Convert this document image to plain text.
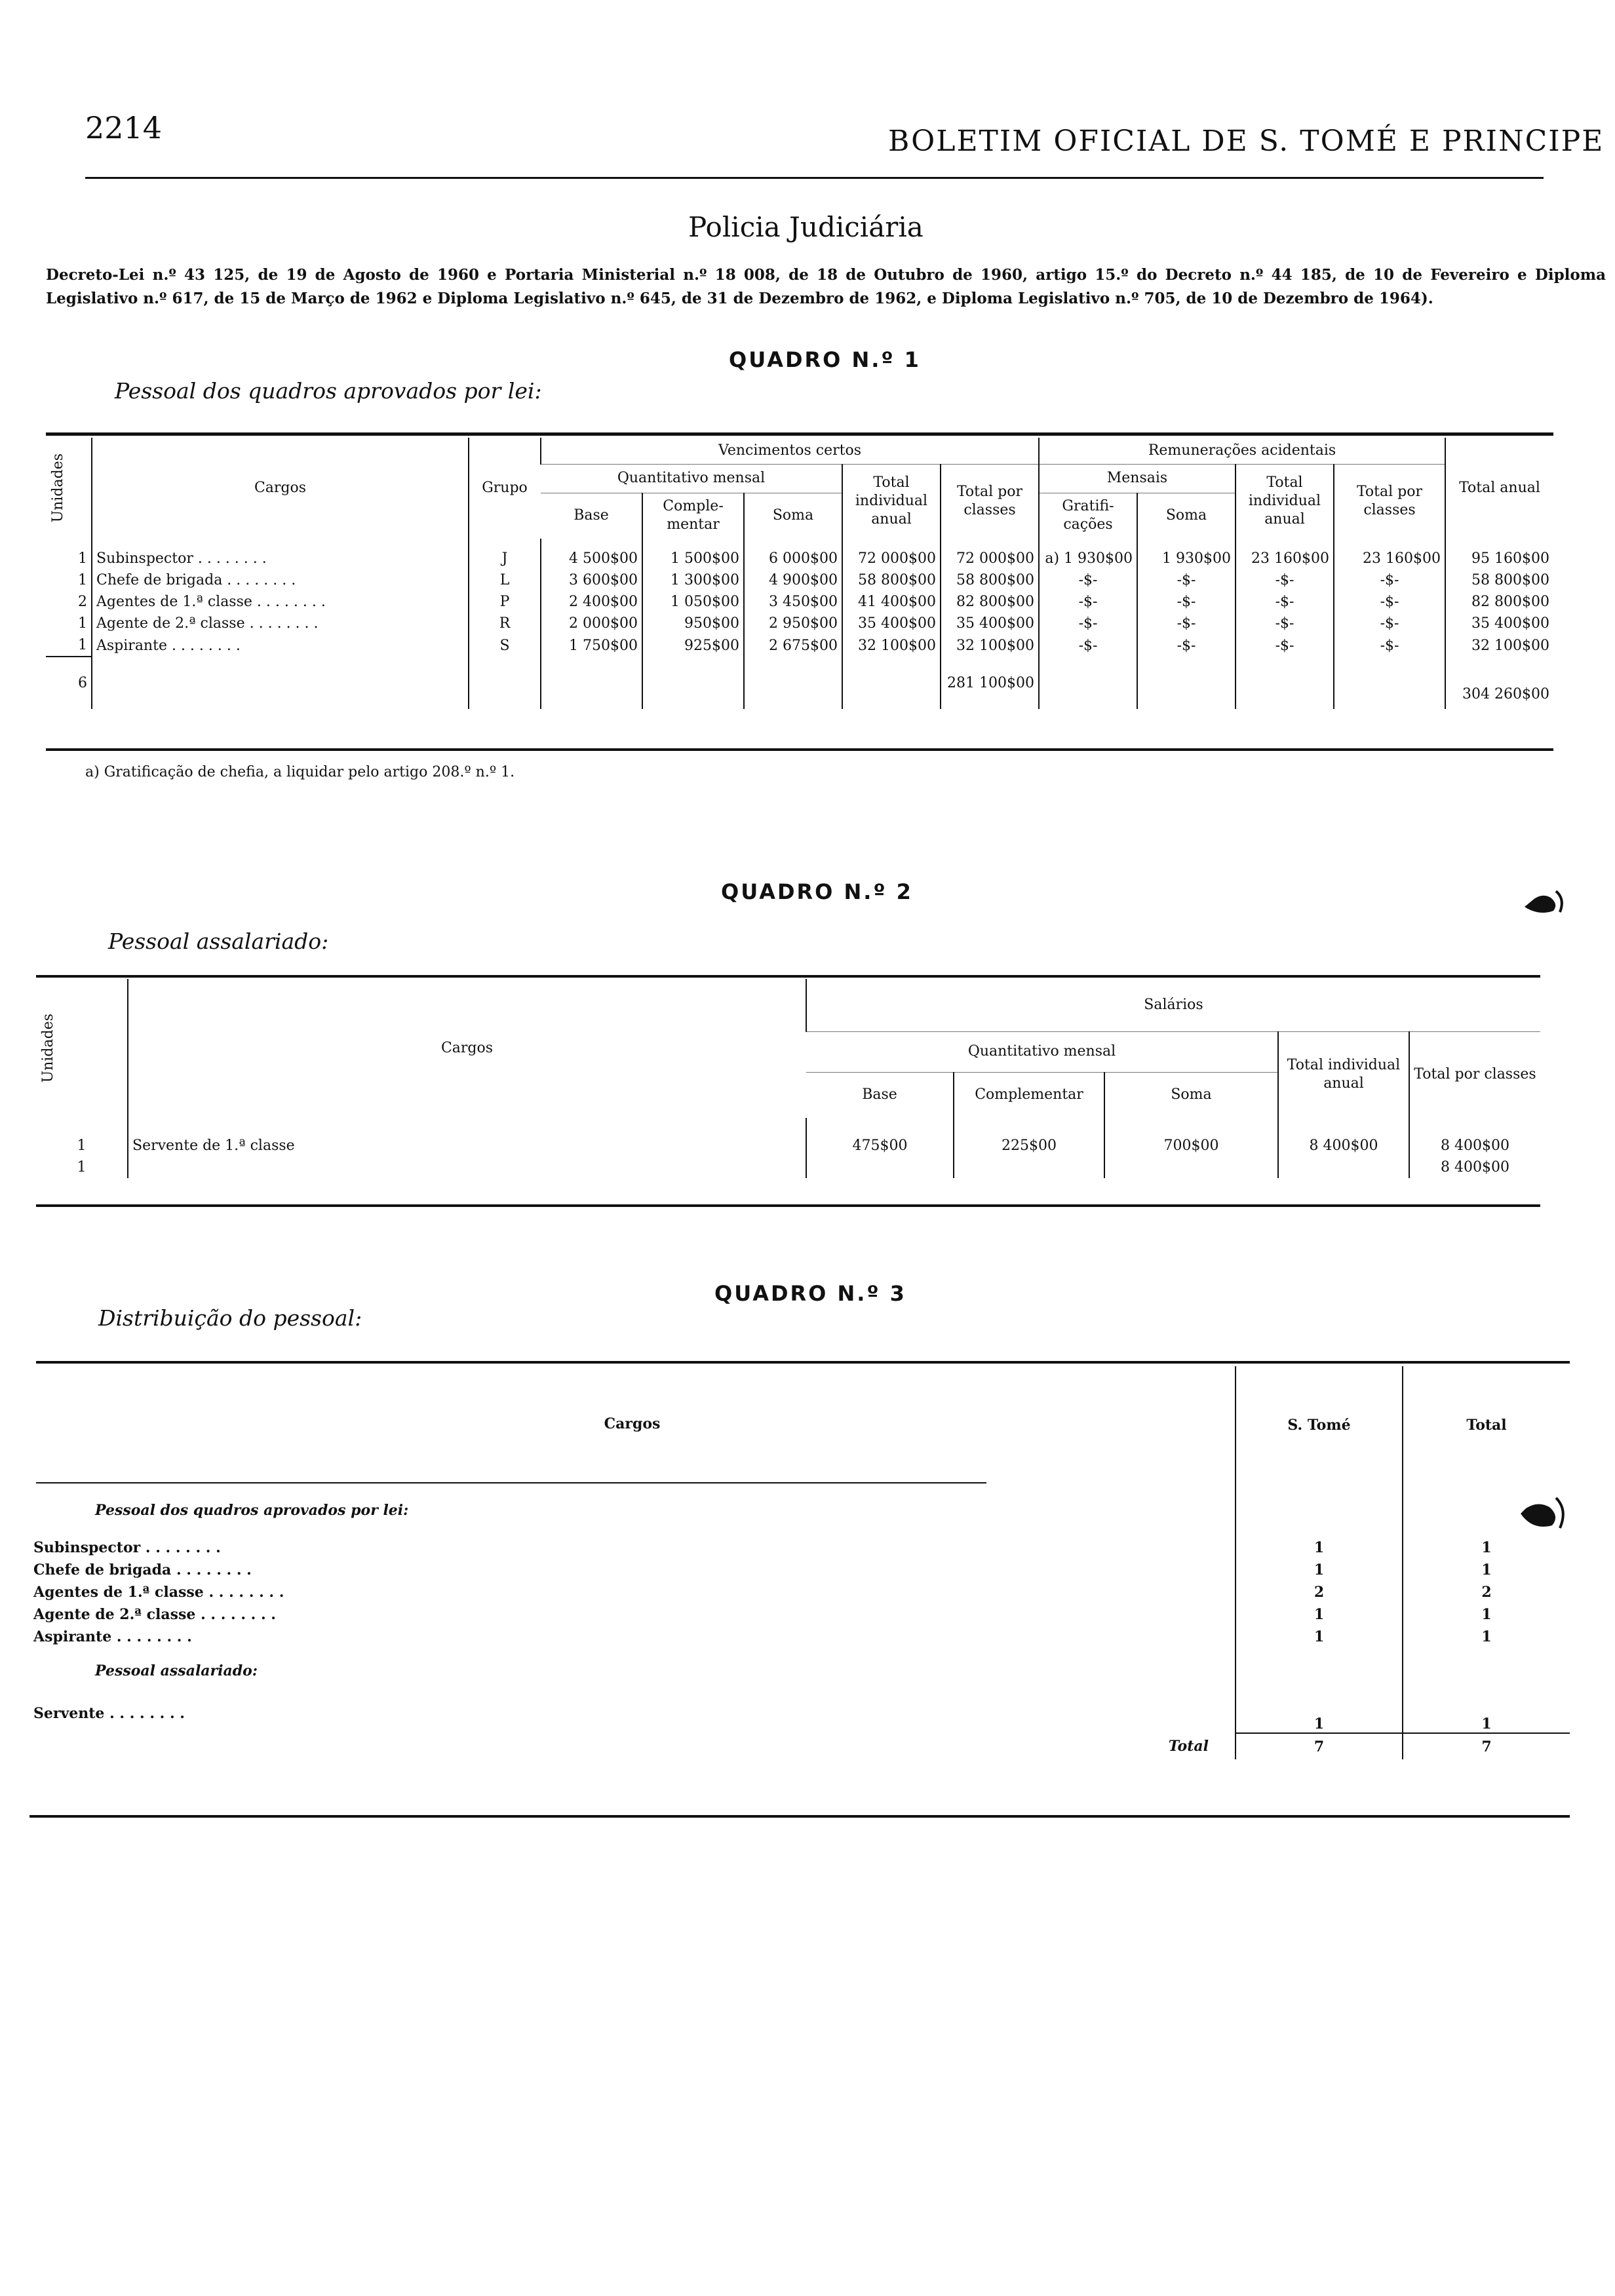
2214	BOLETIM OFICIAL DE S. TOMÉ E PRINCIPE
Policia Judiciária
Decreto-Lei n.º 43 125, de 19 de Agosto de 1960 e Portaria Ministerial n.º 18 008, de 18 de Outubro de 1960, artigo 15.º do Decreto n.º 44 185, de 10 de Fevereiro e Diploma Legislativo n.º 617, de 15 de Março de 1962 e Diploma Legislativo n.º 645, de 31 de Dezembro de 1962, e Diploma Legislativo n.º 705, de 10 de Dezembro de 1964).
QUADRO N.º 1
Pessoal dos quadros aprovados por lei:
Unidades	Cargos	Grupo	Vencimentos certos					Remunerações acidentais				Total anual
			Quantitativo mensal			Total individual anual	Total por classes	Mensais		Total individual anual	Total por classes	
			Base	Comple-mentar	Soma			Gratifi-cações	Soma			

1	Subinspector . . .	J	4 500$00	1 500$00	6 000$00	72 000$00	72 000$00	a) 1 930$00	1 930$00	23 160$00	23 160$00	95 160$00
1	Chefe de brigada . . .	L	3 600$00	1 300$00	4 900$00	58 800$00	58 800$00	-$-	-$-	-$-	-$-	58 800$00
2	Agentes de 1.ª classe . . .	P	2 400$00	1 050$00	3 450$00	41 400$00	82 800$00	-$-	-$-	-$-	-$-	82 800$00
1	Agente de 2.ª classe . . .	R	2 000$00	950$00	2 950$00	35 400$00	35 400$00	-$-	-$-	-$-	-$-	35 400$00
1	Aspirante . . .	S	1 750$00	925$00	2 675$00	32 100$00	32 100$00	-$-	-$-	-$-	-$-	32 100$00
6							281 100$00					304 260$00
a) Gratificação de chefia, a liquidar pelo artigo 208.º n.º 1.
QUADRO N.º 2
Pessoal assalariado:
Unidades	Cargos	Salários				
		Quantitativo mensal			Total individual anual	Total por classes
		Base	Complementar	Soma		

1	Servente de 1.ª classe	475$00	225$00	700$00	8 400$00	8 400$00
1						8 400$00
QUADRO N.º 3
Distribuição do pessoal:
Cargos	S. Tomé	Total
Pessoal dos quadros aprovados por lei:		
Subinspector . . .	1	1
Chefe de brigada . . .	1	1
Agentes de 1.ª classe . . .	2	2
Agente de 2.ª classe . . .	1	1
Aspirante . . .	1	1
Pessoal assalariado:		
Servente . . .	1	1
Total	7	7
